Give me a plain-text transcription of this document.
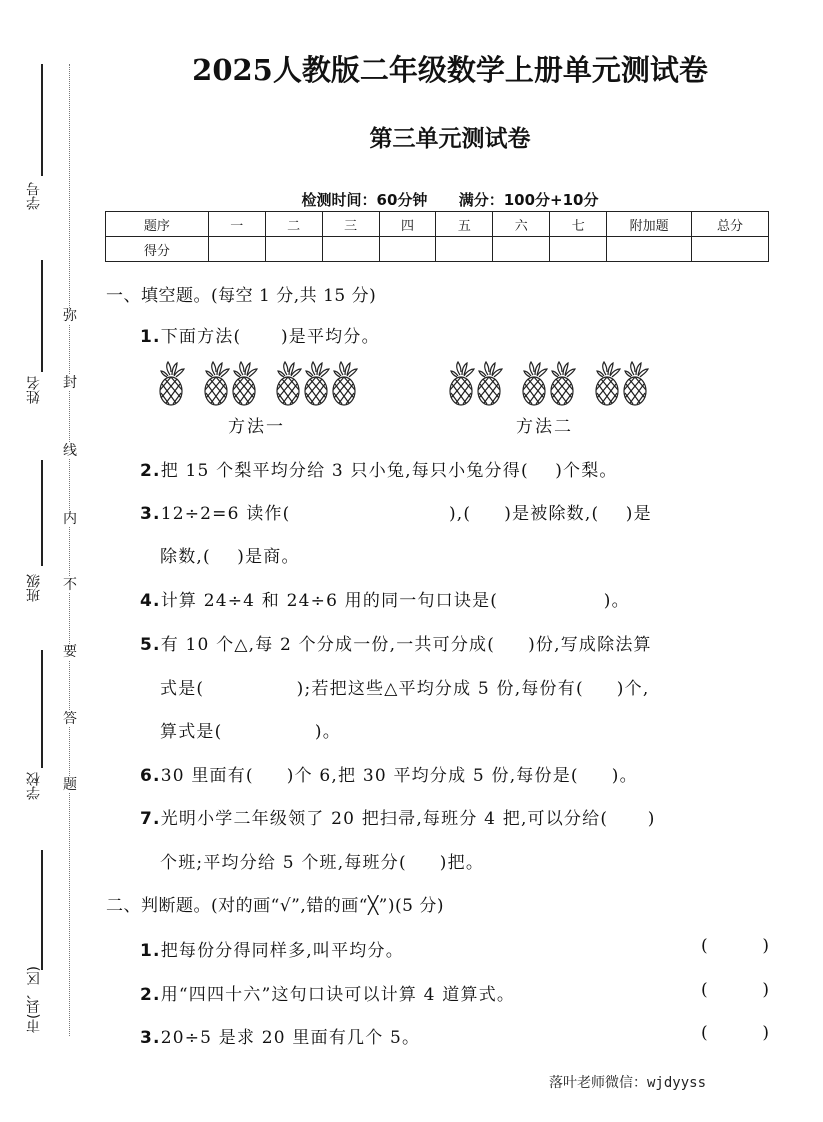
学号
姓名
班级
学校
市(县、区)
弥
封
线
内
不
要
答
题
2025人教版二年级数学上册单元测试卷
第三单元测试卷
检测时间：60分钟 满分：100分+10分
题序	一	二	三	四	五	六	七	附加题	总分
得分									
一、填空题。(每空 1 分,共 15 分)
1.下面方法(      )是平均分。
方法一	方法二
2.把 15 个梨平均分给 3 只小兔,每只小兔分得(    )个梨。
3.12÷2=6 读作(                        ),(     )是被除数,(    )是
除数,(    )是商。
4.计算 24÷4 和 24÷6 用的同一句口诀是(                )。
5.有 10 个△,每 2 个分成一份,一共可分成(     )份,写成除法算
式是(              );若把这些△平均分成 5 份,每份有(     )个,
算式是(              )。
6.30 里面有(     )个 6,把 30 平均分成 5 份,每份是(     )。
7.光明小学二年级领了 20 把扫帚,每班分 4 把,可以分给(      )
个班;平均分给 5 个班,每班分(     )把。
二、判断题。(对的画“√”,错的画“╳”)(5 分)
1.把每份分得同样多,叫平均分。	(	)
2.用“四四十六”这句口诀可以计算 4 道算式。	(	)
3.20÷5 是求 20 里面有几个 5。	(	)
落叶老师微信：wjdyyss
